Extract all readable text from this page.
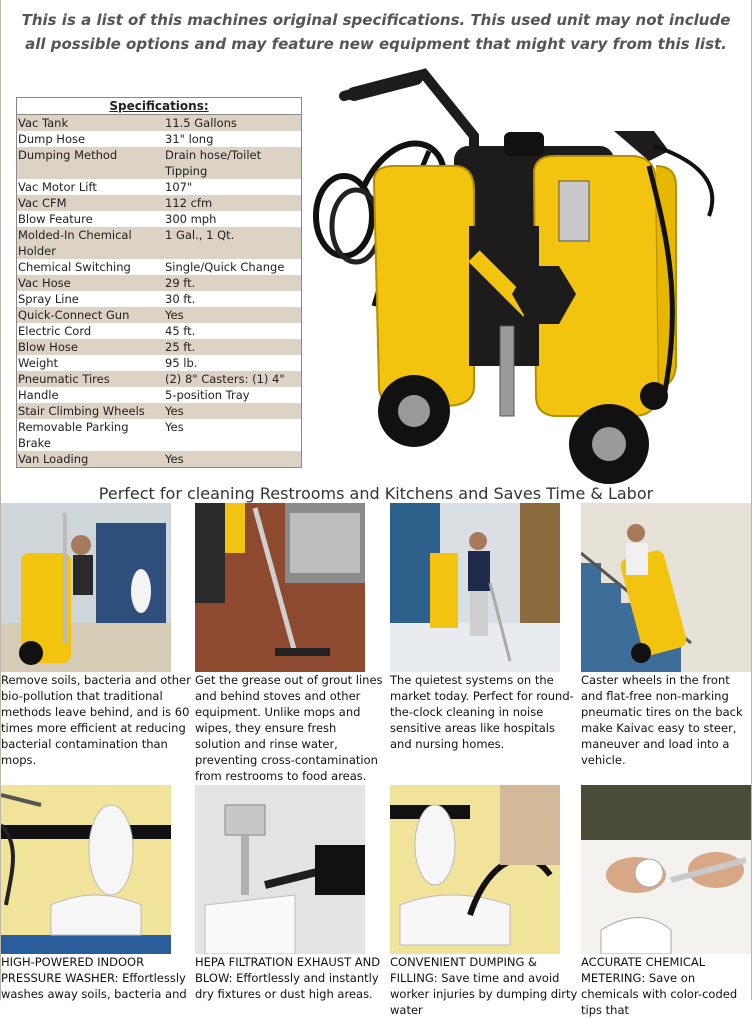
This is a list of this machines original specifications. This used unit may not include all possible options and may feature new equipment that might vary from this list.
Specifications:
Vac Tank	11.5 Gallons
Dump Hose	31" long
Dumping Method	Drain hose/Toilet Tipping
Vac Motor Lift	107"
Vac CFM	112 cfm
Blow Feature	300 mph
Molded-In Chemical Holder	1 Gal., 1 Qt.
Chemical Switching	Single/Quick Change
Vac Hose	29 ft.
Spray Line	30 ft.
Quick-Connect Gun	Yes
Electric Cord	45 ft.
Blow Hose	25 ft.
Weight	95 lb.
Pneumatic Tires	(2) 8" Casters: (1) 4"
Handle	5-position Tray
Stair Climbing Wheels	Yes
Removable Parking Brake	Yes
Van Loading	Yes
Perfect for cleaning Restrooms and Kitchens and Saves Time & Labor
Remove soils, bacteria and other bio-pollution that traditional methods leave behind, and is 60 times more efficient at reducing bacterial contamination than mops.
Get the grease out of grout lines and behind stoves and other equipment. Unlike mops and wipes, they ensure fresh solution and rinse water, preventing cross-contamination from restrooms to food areas.
The quietest systems on the market today. Perfect for round-the-clock cleaning in noise sensitive areas like hospitals and nursing homes.
Caster wheels in the front and flat-free non-marking pneumatic tires on the back make Kaivac easy to steer, maneuver and load into a vehicle.
HIGH-POWERED INDOOR PRESSURE WASHER: Effortlessly washes away soils, bacteria and
HEPA FILTRATION EXHAUST AND BLOW: Effortlessly and instantly dry fixtures or dust high areas.
CONVENIENT DUMPING & FILLING: Save time and avoid worker injuries by dumping dirty water
ACCURATE CHEMICAL METERING: Save on chemicals with color-coded tips that
